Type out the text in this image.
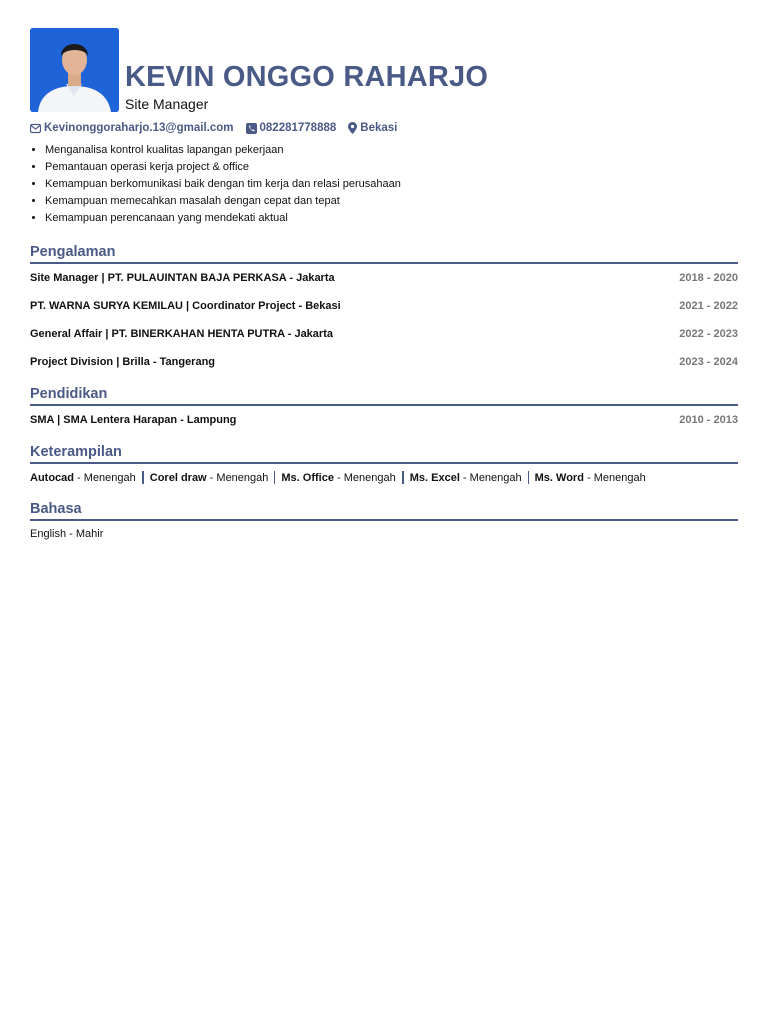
KEVIN ONGGO RAHARJO
Site Manager
Kevinonggoraharjo.13@gmail.com 082281778888 Bekasi
• Menganalisa kontrol kualitas lapangan pekerjaan
• Pemantauan operasi kerja project & office
• Kemampuan berkomunikasi baik dengan tim kerja dan relasi perusahaan
• Kemampuan memecahkan masalah dengan cepat dan tepat
• Kemampuan perencanaan yang mendekati aktual
Pengalaman
Site Manager | PT. PULAUINTAN BAJA PERKASA - Jakarta	2018 - 2020
PT. WARNA SURYA KEMILAU | Coordinator Project - Bekasi	2021 - 2022
General Affair | PT. BINERKAHAN HENTA PUTRA - Jakarta	2022 - 2023
Project Division | Brilla - Tangerang	2023 - 2024
Pendidikan
SMA | SMA Lentera Harapan - Lampung	2010 - 2013
Keterampilan
Autocad - Menengah Corel draw - Menengah Ms. Office - Menengah Ms. Excel - Menengah Ms. Word - Menengah
Bahasa
English - Mahir
